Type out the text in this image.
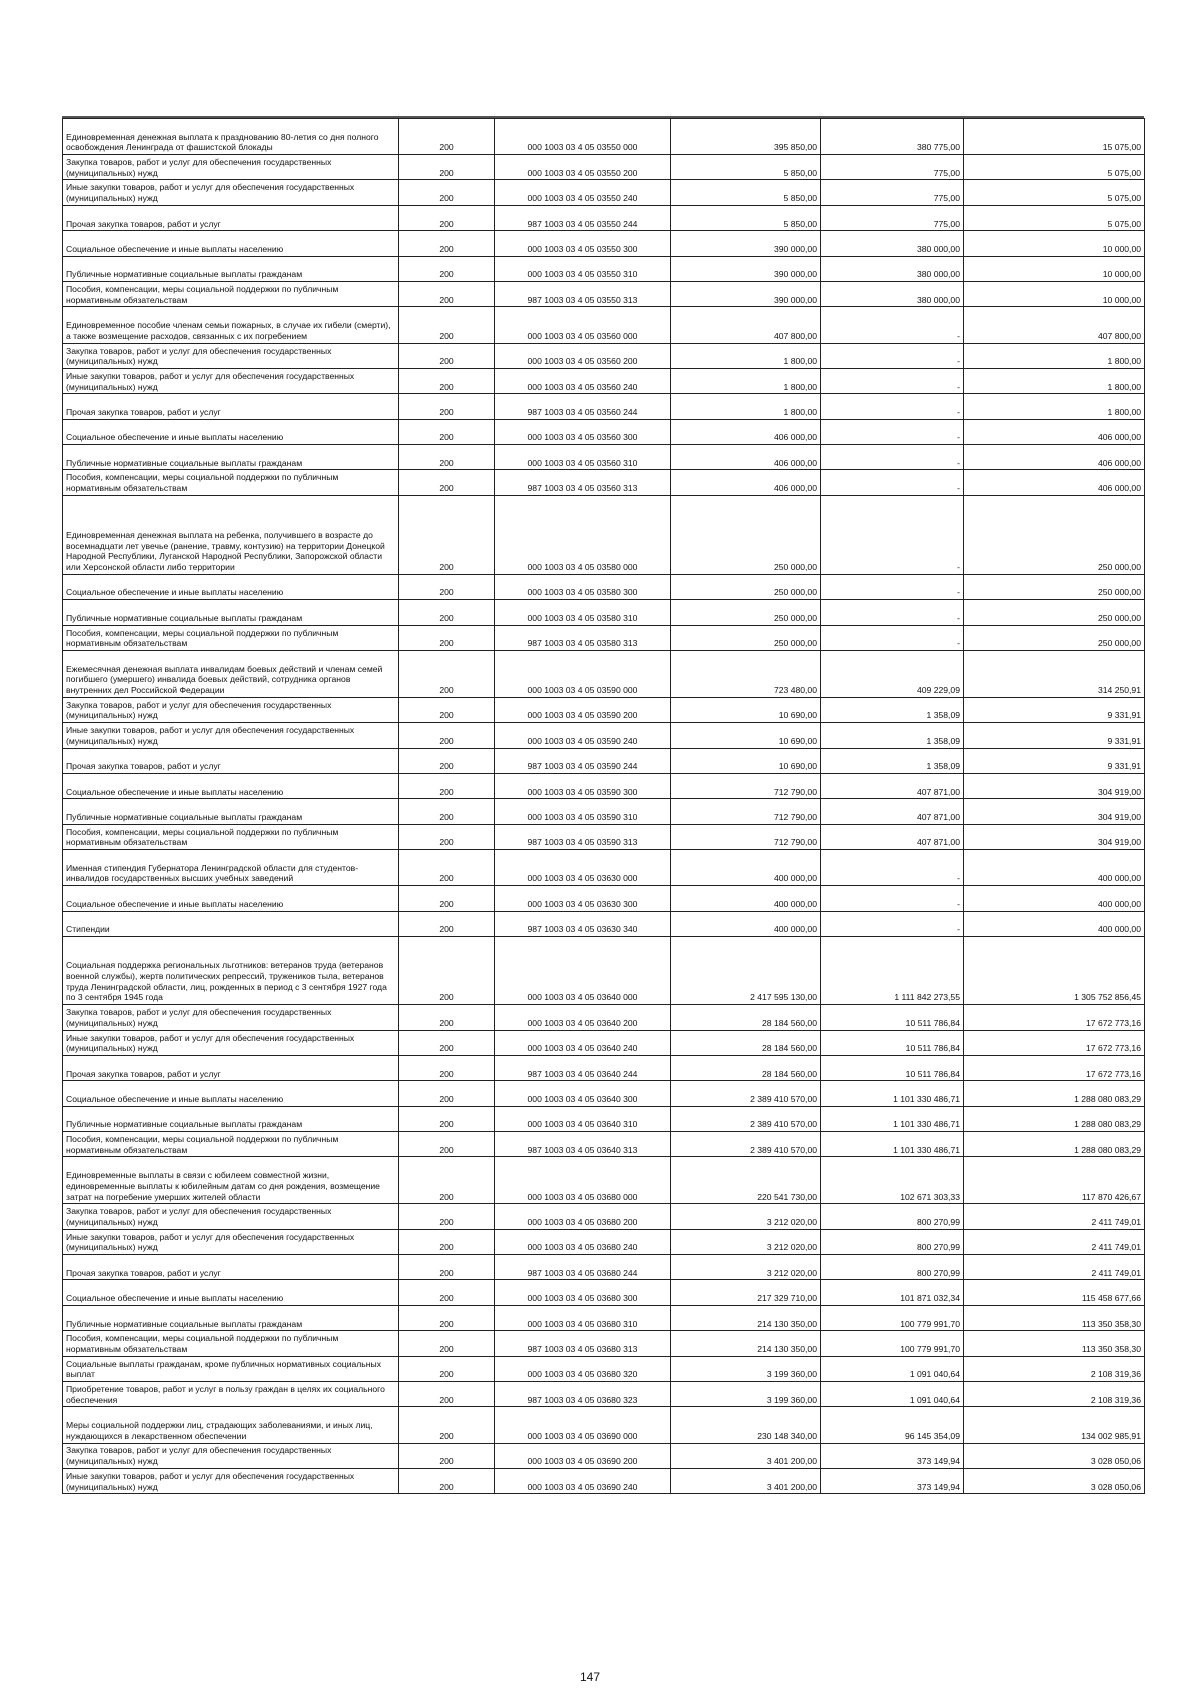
Единовременная денежная выплата к празднованию 80-летия со дня полного освобождения Ленинграда от фашистской блокады	200	000 1003 03 4 05 03550 000	395 850,00	380 775,00	15 075,00
Закупка товаров, работ и услуг для обеспечения государственных (муниципальных) нужд	200	000 1003 03 4 05 03550 200	5 850,00	775,00	5 075,00
Иные закупки товаров, работ и услуг для обеспечения государственных (муниципальных) нужд	200	000 1003 03 4 05 03550 240	5 850,00	775,00	5 075,00
Прочая закупка товаров, работ и услуг	200	987 1003 03 4 05 03550 244	5 850,00	775,00	5 075,00
Социальное обеспечение и иные выплаты населению	200	000 1003 03 4 05 03550 300	390 000,00	380 000,00	10 000,00
Публичные нормативные социальные выплаты гражданам	200	000 1003 03 4 05 03550 310	390 000,00	380 000,00	10 000,00
Пособия, компенсации, меры социальной поддержки по публичным нормативным обязательствам	200	987 1003 03 4 05 03550 313	390 000,00	380 000,00	10 000,00
Единовременное пособие членам семьи пожарных, в случае их гибели (смерти), а также возмещение расходов, связанных с их погребением	200	000 1003 03 4 05 03560 000	407 800,00	-	407 800,00
Закупка товаров, работ и услуг для обеспечения государственных (муниципальных) нужд	200	000 1003 03 4 05 03560 200	1 800,00	-	1 800,00
Иные закупки товаров, работ и услуг для обеспечения государственных (муниципальных) нужд	200	000 1003 03 4 05 03560 240	1 800,00	-	1 800,00
Прочая закупка товаров, работ и услуг	200	987 1003 03 4 05 03560 244	1 800,00	-	1 800,00
Социальное обеспечение и иные выплаты населению	200	000 1003 03 4 05 03560 300	406 000,00	-	406 000,00
Публичные нормативные социальные выплаты гражданам	200	000 1003 03 4 05 03560 310	406 000,00	-	406 000,00
Пособия, компенсации, меры социальной поддержки по публичным нормативным обязательствам	200	987 1003 03 4 05 03560 313	406 000,00	-	406 000,00
Единовременная денежная выплата на ребенка, получившего в возрасте до восемнадцати лет увечье (ранение, травму, контузию) на территории Донецкой Народной Республики, Луганской Народной Республики, Запорожской области или Херсонской области либо территории	200	000 1003 03 4 05 03580 000	250 000,00	-	250 000,00
Социальное обеспечение и иные выплаты населению	200	000 1003 03 4 05 03580 300	250 000,00	-	250 000,00
Публичные нормативные социальные выплаты гражданам	200	000 1003 03 4 05 03580 310	250 000,00	-	250 000,00
Пособия, компенсации, меры социальной поддержки по публичным нормативным обязательствам	200	987 1003 03 4 05 03580 313	250 000,00	-	250 000,00
Ежемесячная денежная выплата инвалидам боевых действий и членам семей погибшего (умершего) инвалида боевых действий, сотрудника органов внутренних дел Российской Федерации	200	000 1003 03 4 05 03590 000	723 480,00	409 229,09	314 250,91
Закупка товаров, работ и услуг для обеспечения государственных (муниципальных) нужд	200	000 1003 03 4 05 03590 200	10 690,00	1 358,09	9 331,91
Иные закупки товаров, работ и услуг для обеспечения государственных (муниципальных) нужд	200	000 1003 03 4 05 03590 240	10 690,00	1 358,09	9 331,91
Прочая закупка товаров, работ и услуг	200	987 1003 03 4 05 03590 244	10 690,00	1 358,09	9 331,91
Социальное обеспечение и иные выплаты населению	200	000 1003 03 4 05 03590 300	712 790,00	407 871,00	304 919,00
Публичные нормативные социальные выплаты гражданам	200	000 1003 03 4 05 03590 310	712 790,00	407 871,00	304 919,00
Пособия, компенсации, меры социальной поддержки по публичным нормативным обязательствам	200	987 1003 03 4 05 03590 313	712 790,00	407 871,00	304 919,00
Именная стипендия Губернатора Ленинградской области для студентов-инвалидов государственных высших учебных заведений	200	000 1003 03 4 05 03630 000	400 000,00	-	400 000,00
Социальное обеспечение и иные выплаты населению	200	000 1003 03 4 05 03630 300	400 000,00	-	400 000,00
Стипендии	200	987 1003 03 4 05 03630 340	400 000,00	-	400 000,00
Социальная поддержка региональных льготников: ветеранов труда (ветеранов военной службы), жертв политических репрессий, тружеников тыла, ветеранов труда Ленинградской области, лиц, рожденных в период с 3 сентября 1927 года по 3 сентября 1945 года	200	000 1003 03 4 05 03640 000	2 417 595 130,00	1 111 842 273,55	1 305 752 856,45
Закупка товаров, работ и услуг для обеспечения государственных (муниципальных) нужд	200	000 1003 03 4 05 03640 200	28 184 560,00	10 511 786,84	17 672 773,16
Иные закупки товаров, работ и услуг для обеспечения государственных (муниципальных) нужд	200	000 1003 03 4 05 03640 240	28 184 560,00	10 511 786,84	17 672 773,16
Прочая закупка товаров, работ и услуг	200	987 1003 03 4 05 03640 244	28 184 560,00	10 511 786,84	17 672 773,16
Социальное обеспечение и иные выплаты населению	200	000 1003 03 4 05 03640 300	2 389 410 570,00	1 101 330 486,71	1 288 080 083,29
Публичные нормативные социальные выплаты гражданам	200	000 1003 03 4 05 03640 310	2 389 410 570,00	1 101 330 486,71	1 288 080 083,29
Пособия, компенсации, меры социальной поддержки по публичным нормативным обязательствам	200	987 1003 03 4 05 03640 313	2 389 410 570,00	1 101 330 486,71	1 288 080 083,29
Единовременные выплаты в связи с юбилеем совместной жизни, единовременные выплаты к юбилейным датам со дня рождения, возмещение затрат на погребение умерших жителей области	200	000 1003 03 4 05 03680 000	220 541 730,00	102 671 303,33	117 870 426,67
Закупка товаров, работ и услуг для обеспечения государственных (муниципальных) нужд	200	000 1003 03 4 05 03680 200	3 212 020,00	800 270,99	2 411 749,01
Иные закупки товаров, работ и услуг для обеспечения государственных (муниципальных) нужд	200	000 1003 03 4 05 03680 240	3 212 020,00	800 270,99	2 411 749,01
Прочая закупка товаров, работ и услуг	200	987 1003 03 4 05 03680 244	3 212 020,00	800 270,99	2 411 749,01
Социальное обеспечение и иные выплаты населению	200	000 1003 03 4 05 03680 300	217 329 710,00	101 871 032,34	115 458 677,66
Публичные нормативные социальные выплаты гражданам	200	000 1003 03 4 05 03680 310	214 130 350,00	100 779 991,70	113 350 358,30
Пособия, компенсации, меры социальной поддержки по публичным нормативным обязательствам	200	987 1003 03 4 05 03680 313	214 130 350,00	100 779 991,70	113 350 358,30
Социальные выплаты гражданам, кроме публичных нормативных социальных выплат	200	000 1003 03 4 05 03680 320	3 199 360,00	1 091 040,64	2 108 319,36
Приобретение товаров, работ и услуг в пользу граждан в целях их социального обеспечения	200	987 1003 03 4 05 03680 323	3 199 360,00	1 091 040,64	2 108 319,36
Меры социальной поддержки лиц, страдающих заболеваниями, и иных лиц, нуждающихся в лекарственном обеспечении	200	000 1003 03 4 05 03690 000	230 148 340,00	96 145 354,09	134 002 985,91
Закупка товаров, работ и услуг для обеспечения государственных (муниципальных) нужд	200	000 1003 03 4 05 03690 200	3 401 200,00	373 149,94	3 028 050,06
Иные закупки товаров, работ и услуг для обеспечения государственных (муниципальных) нужд	200	000 1003 03 4 05 03690 240	3 401 200,00	373 149,94	3 028 050,06
147
